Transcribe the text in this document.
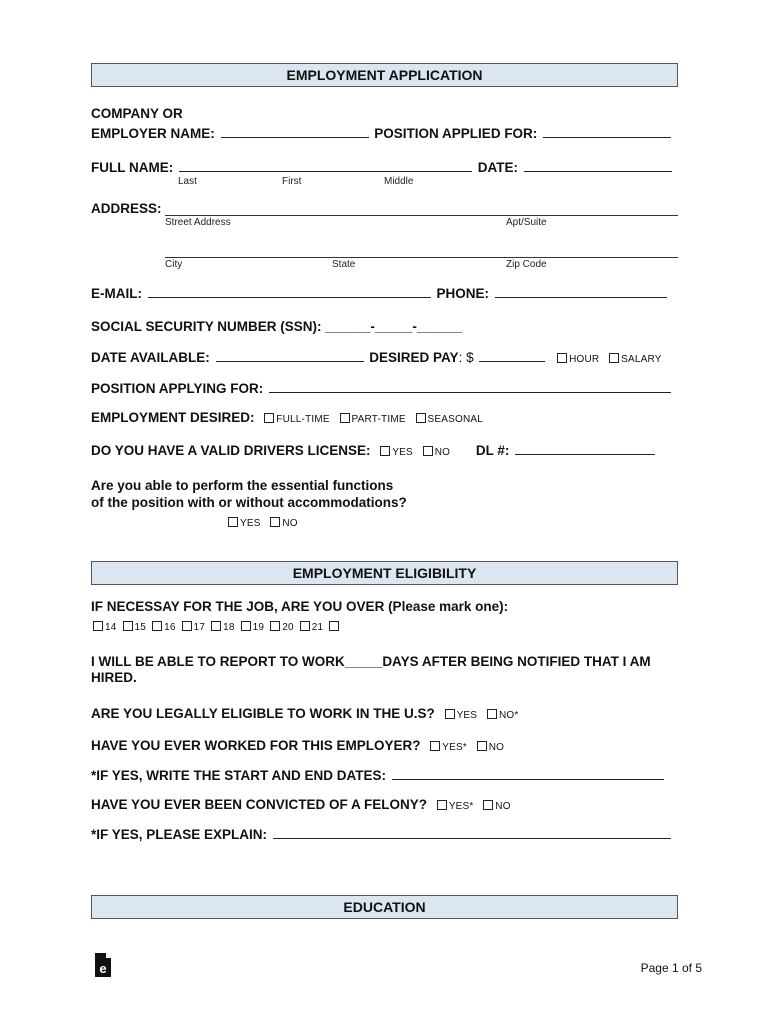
EMPLOYMENT APPLICATION
COMPANY OR
EMPLOYER NAME:	POSITION APPLIED FOR:
FULL NAME:	DATE:
Last	First	Middle
ADDRESS:
Street Address	Apt/Suite
City	State	Zip Code
E-MAIL:	PHONE:
SOCIAL SECURITY NUMBER (SSN): ______-_____-______
DATE AVAILABLE:	DESIRED PAY: $	HOUR SALARY
POSITION APPLYING FOR:
EMPLOYMENT DESIRED: FULL-TIME PART-TIME SEASONAL
DO YOU HAVE A VALID DRIVERS LICENSE: YES NO DL #:
Are you able to perform the essential functions
of the position with or without accommodations?
YES NO
EMPLOYMENT ELIGIBILITY
IF NECESSAY FOR THE JOB, ARE YOU OVER (Please mark one):
14 15 16 17 18 19 20 21
I WILL BE ABLE TO REPORT TO WORK_____DAYS AFTER BEING NOTIFIED THAT I AM
HIRED.
ARE YOU LEGALLY ELIGIBLE TO WORK IN THE U.S? YES NO*
HAVE YOU EVER WORKED FOR THIS EMPLOYER? YES* NO
*IF YES, WRITE THE START AND END DATES:
HAVE YOU EVER BEEN CONVICTED OF A FELONY? YES* NO
*IF YES, PLEASE EXPLAIN:
EDUCATION
e	Page 1 of 5
